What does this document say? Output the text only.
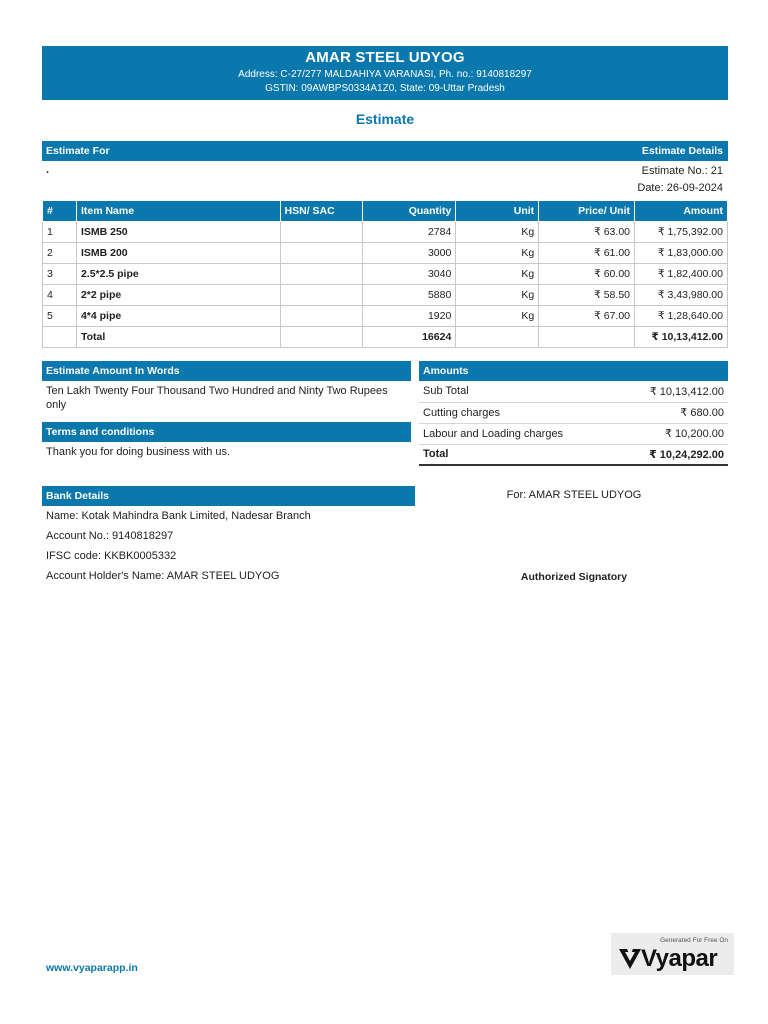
AMAR STEEL UDYOG
Address: C-27/277 MALDAHIYA VARANASI, Ph. no.: 9140818297
GSTIN: 09AWBPS0334A1Z0, State: 09-Uttar Pradesh
Estimate
Estimate For	Estimate Details
.	Estimate No.: 21
Date: 26-09-2024
#	Item Name	HSN/ SAC	Quantity	Unit	Price/ Unit	Amount
1	ISMB 250		2784	Kg	₹ 63.00	₹ 1,75,392.00
2	ISMB 200		3000	Kg	₹ 61.00	₹ 1,83,000.00
3	2.5*2.5 pipe		3040	Kg	₹ 60.00	₹ 1,82,400.00
4	2*2 pipe		5880	Kg	₹ 58.50	₹ 3,43,980.00
5	4*4 pipe		1920	Kg	₹ 67.00	₹ 1,28,640.00
	Total		16624			₹ 10,13,412.00
Estimate Amount In Words
Ten Lakh Twenty Four Thousand Two Hundred and Ninty Two Rupees only
Terms and conditions
Thank you for doing business with us.
Amounts
Sub Total	₹ 10,13,412.00
Cutting charges	₹ 680.00
Labour and Loading charges	₹ 10,200.00
Total	₹ 10,24,292.00
Bank Details
Name: Kotak Mahindra Bank Limited, Nadesar Branch
Account No.: 9140818297
IFSC code: KKBK0005332
Account Holder's Name: AMAR STEEL UDYOG
For: AMAR STEEL UDYOG
Authorized Signatory
www.vyaparapp.in
Generated For Free On
Vyapar
